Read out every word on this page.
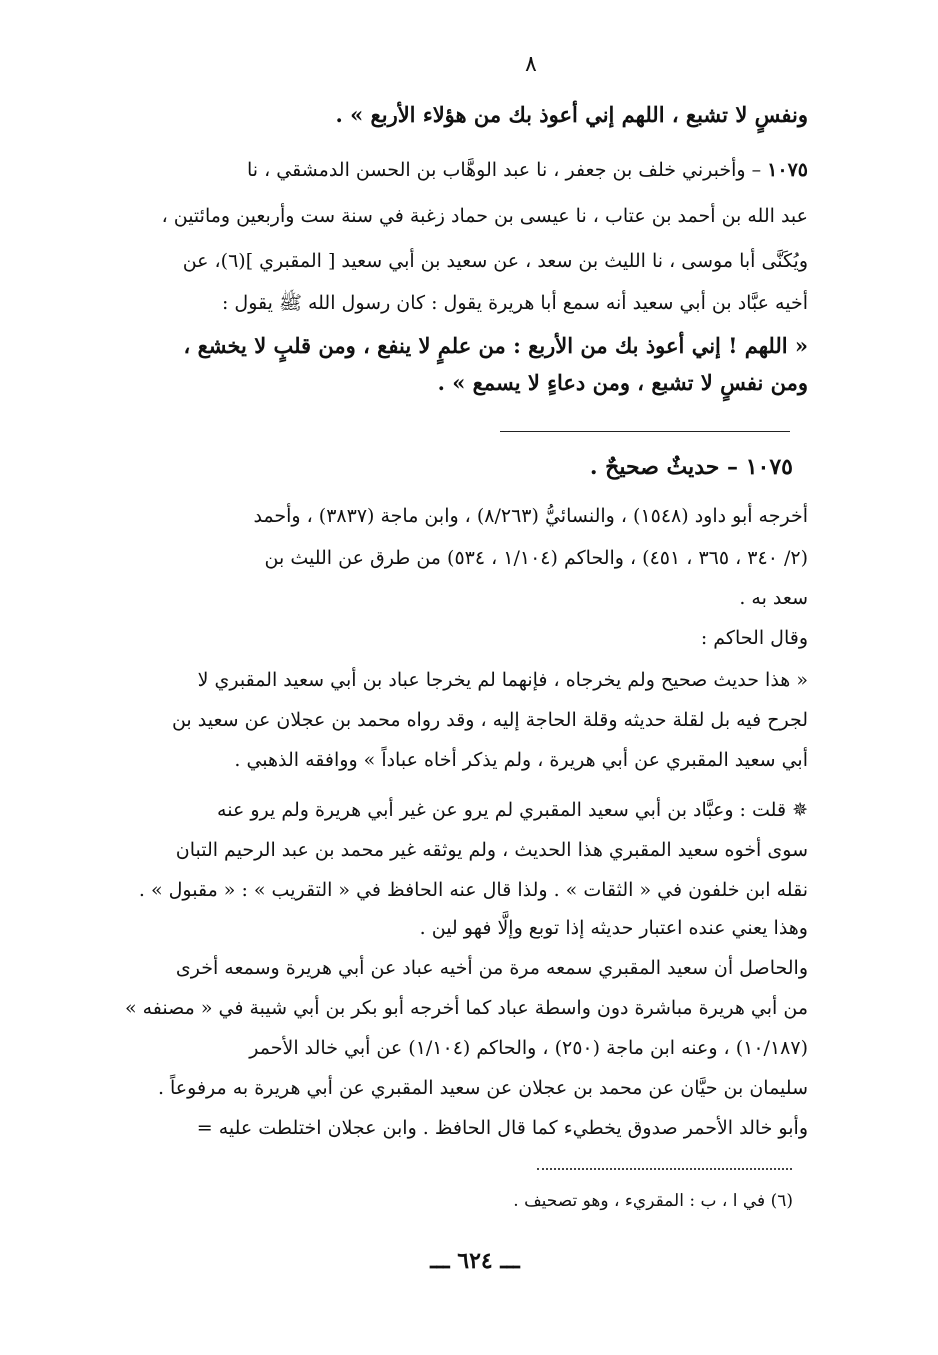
٨
ونفسٍ لا تشبع ، اللهم إني أعوذ بك من هؤلاء الأربع » .
١٠٧٥ – وأخبرني خلف بن جعفر ، نا عبد الوهَّاب بن الحسن الدمشقي ، نا
عبد الله بن أحمد بن عتاب ، نا عيسى بن حماد زغبة في سنة ست وأربعين ومائتين ،
ويُكَنَّى أبا موسى ، نا الليث بن سعد ، عن سعيد بن أبي سعيد [ المقبري ](٦)، عن
أخيه عبَّاد بن أبي سعيد أنه سمع أبا هريرة يقول : كان رسول الله ﷺ يقول :
« اللهم ! إني أعوذ بك من الأربع : من علمٍ لا ينفع ، ومن قلبٍ لا يخشع ،
ومن نفسٍ لا تشبع ، ومن دعاءٍ لا يسمع » .
١٠٧٥ – حديثٌ صحيحٌ .
أخرجه أبو داود (١٥٤٨) ، والنسائيُّ (٨/٢٦٣) ، وابن ماجة (٣٨٣٧) ، وأحمد
(٢/ ٣٤٠ ، ٣٦٥ ، ٤٥١) ، والحاكم (١/١٠٤ ، ٥٣٤) من طرق عن الليث بن
سعد به .
وقال الحاكم :
« هذا حديث صحيح ولم يخرجاه ، فإنهما لم يخرجا عباد بن أبي سعيد المقبري لا
لجرح فيه بل لقلة حديثه وقلة الحاجة إليه ، وقد رواه محمد بن عجلان عن سعيد بن
أبي سعيد المقبري عن أبي هريرة ، ولم يذكر أخاه عباداً » ووافقه الذهبي .
✵ قلت : وعبَّاد بن أبي سعيد المقبري لم يرو عن غير أبي هريرة ولم يرو عنه
سوى أخوه سعيد المقبري هذا الحديث ، ولم يوثقه غير محمد بن عبد الرحيم التبان
نقله ابن خلفون في « الثقات » . ولذا قال عنه الحافظ في « التقريب » : « مقبول » .
وهذا يعني عنده اعتبار حديثه إذا توبع وإلَّا فهو لين .
والحاصل أن سعيد المقبري سمعه مرة من أخيه عباد عن أبي هريرة وسمعه أخرى
من أبي هريرة مباشرة دون واسطة عباد كما أخرجه أبو بكر بن أبي شيبة في « مصنفه »
(١٠/١٨٧) ، وعنه ابن ماجة (٢٥٠) ، والحاكم (١/١٠٤) عن أبي خالد الأحمر
سليمان بن حيَّان عن محمد بن عجلان عن سعيد المقبري عن أبي هريرة به مرفوعاً .
وأبو خالد الأحمر صدوق يخطيء كما قال الحافظ . وابن عجلان اختلطت عليه =
(٦) في ا ، ب : المقريء ، وهو تصحيف .
ـــ ٦٢٤ ـــ
